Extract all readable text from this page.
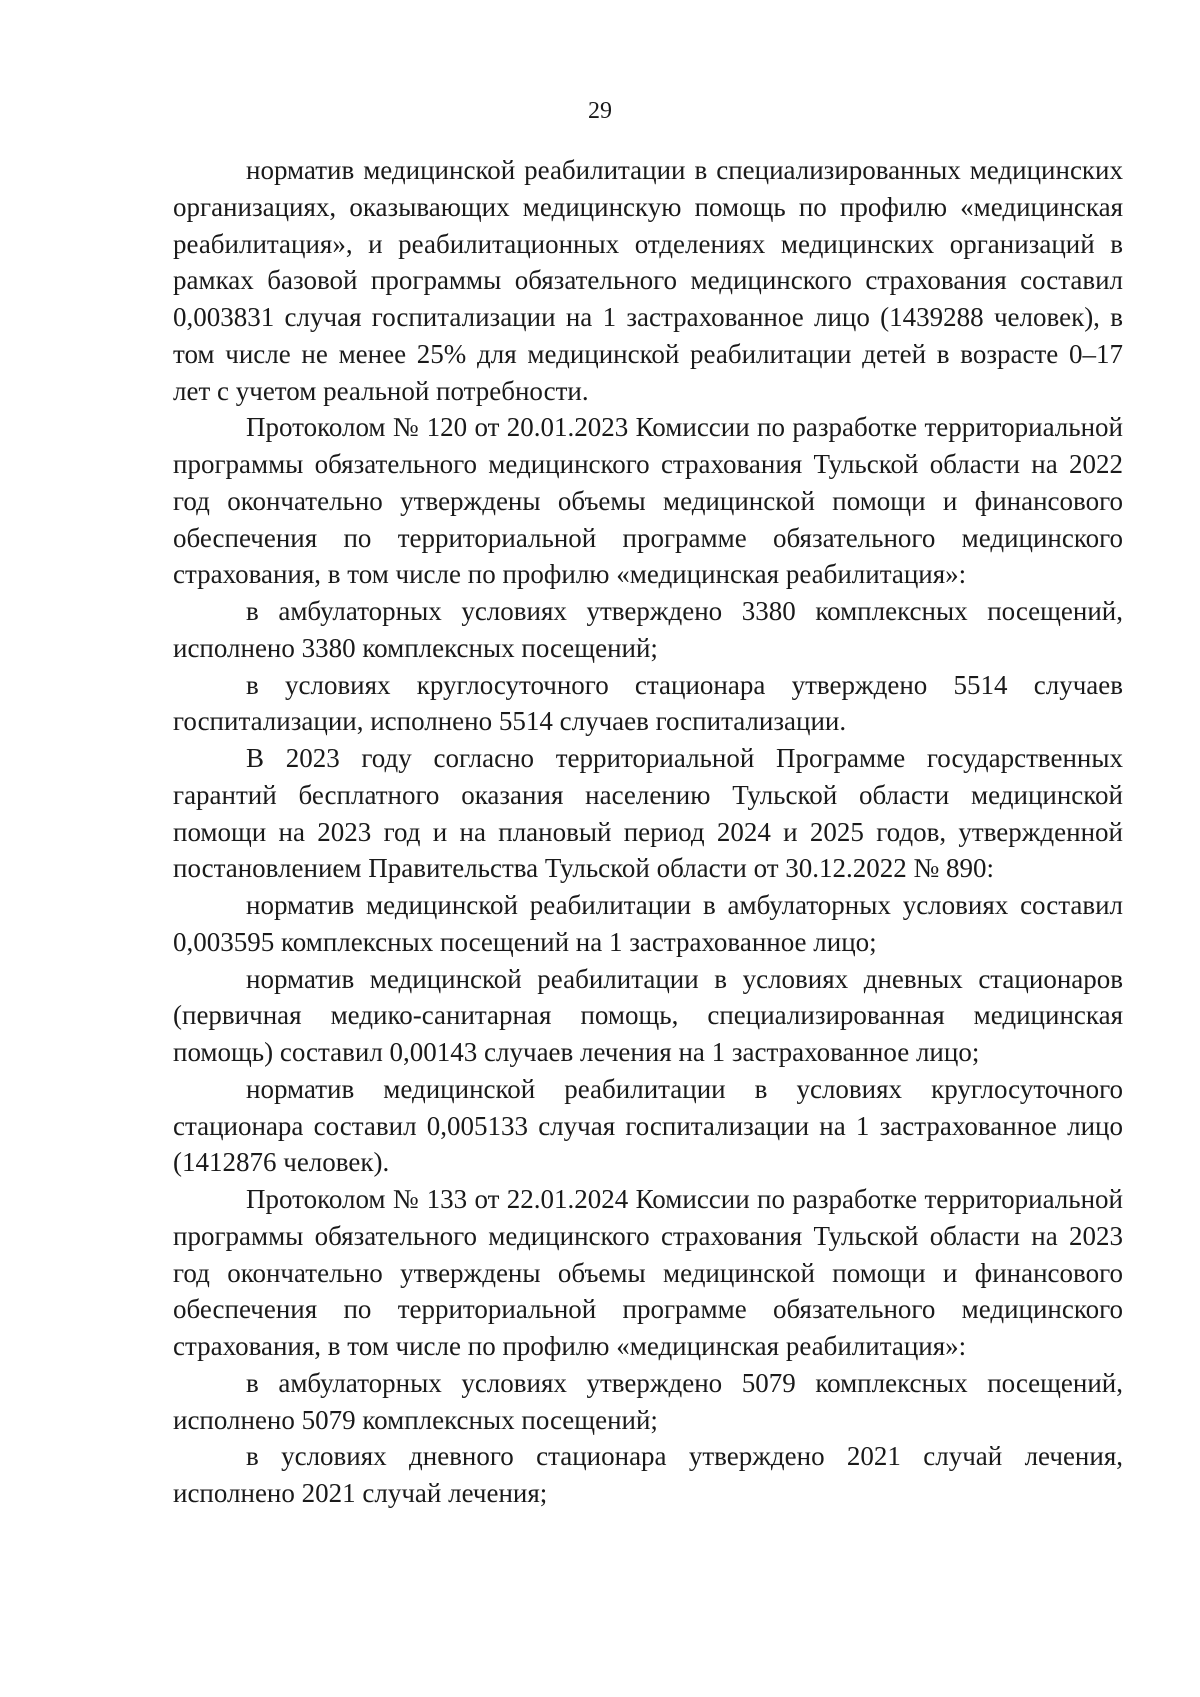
29

норматив медицинской реабилитации в специализированных медицинских организациях, оказывающих медицинскую помощь по профилю «медицинская реабилитация», и реабилитационных отделениях медицинских организаций в рамках базовой программы обязательного медицинского страхования составил 0,003831 случая госпитализации на 1 застрахованное лицо (1439288 человек), в том числе не менее 25% для медицинской реабилитации детей в возрасте 0–17 лет с учетом реальной потребности.

Протоколом № 120 от 20.01.2023 Комиссии по разработке территориальной программы обязательного медицинского страхования Тульской области на 2022 год окончательно утверждены объемы медицинской помощи и финансового обеспечения по территориальной программе обязательного медицинского страхования, в том числе по профилю «медицинская реабилитация»:

в амбулаторных условиях утверждено 3380 комплексных посещений, исполнено 3380 комплексных посещений;

в условиях круглосуточного стационара утверждено 5514 случаев госпитализации, исполнено 5514 случаев госпитализации.

В 2023 году согласно территориальной Программе государственных гарантий бесплатного оказания населению Тульской области медицинской помощи на 2023 год и на плановый период 2024 и 2025 годов, утвержденной постановлением Правительства Тульской области от 30.12.2022 № 890:

норматив медицинской реабилитации в амбулаторных условиях составил 0,003595 комплексных посещений на 1 застрахованное лицо;

норматив медицинской реабилитации в условиях дневных стационаров (первичная медико-санитарная помощь, специализированная медицинская помощь) составил 0,00143 случаев лечения на 1 застрахованное лицо;

норматив медицинской реабилитации в условиях круглосуточного стационара составил 0,005133 случая госпитализации на 1 застрахованное лицо (1412876 человек).

Протоколом № 133 от 22.01.2024 Комиссии по разработке территориальной программы обязательного медицинского страхования Тульской области на 2023 год окончательно утверждены объемы медицинской помощи и финансового обеспечения по территориальной программе обязательного медицинского страхования, в том числе по профилю «медицинская реабилитация»:

в амбулаторных условиях утверждено 5079 комплексных посещений, исполнено 5079 комплексных посещений;

в условиях дневного стационара утверждено 2021 случай лечения, исполнено 2021 случай лечения;
